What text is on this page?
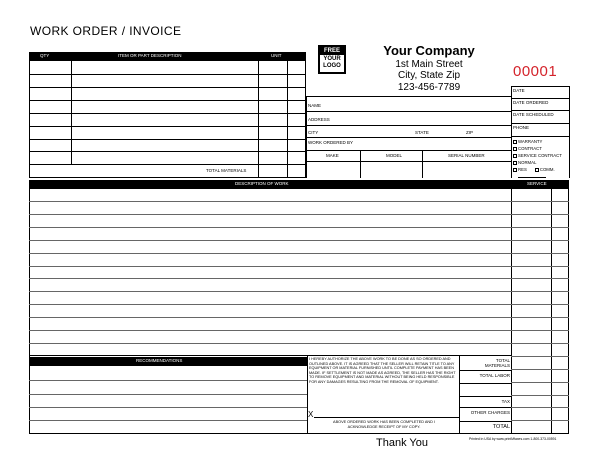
WORK ORDER / INVOICE
QTY	ITEM OR PART DESCRIPTION	UNIT
TOTAL MATERIALS
FREE
YOUR
LOGO
Your Company
1st Main Street
City, State Zip
123-456-7789
00001
NAME
ADDRESS
CITY	STATE	ZIP
WORK ORDERED BY
MAKE	MODEL	SERIAL NUMBER
DATE
DATE ORDERED
DATE SCHEDULED
PHONE
WARRANTY
CONTRACT
SERVICE CONTRACT
NORMAL
RES	COMM.
DESCRIPTION OF WORK	SERVICE
RECOMMENDATIONS	I HEREBY AUTHORIZE THE ABOVE WORK TO BE DONE AS SO ORDERED AND OUTLINED ABOVE. IT IS AGREED THAT THE SELLER WILL RETAIN TITLE TO ANY EQUIPMENT OR MATERIAL FURNISHED UNTIL COMPLETE PAYMENT HAS BEEN MADE. IF SETTLEMENT IS NOT MADE AS AGREED, THE SELLER HAS THE RIGHT TO REMOVE EQUIPMENT AND MATERIAL WITHOUT BEING HELD RESPONSIBLE FOR ANY DAMAGES RESULTING FROM THE REMOVAL OF EQUIPMENT.
X
ABOVE ORDERED WORK HAS BEEN COMPLETED AND I
ACKNOWLEDGE RECEIPT OF MY COPY.
TOTAL MATERIALS
TOTAL LABOR
TAX
OTHER CHARGES
TOTAL
Thank You	Printed in USA by www.printMfaxes.com 1-800-373-00591
